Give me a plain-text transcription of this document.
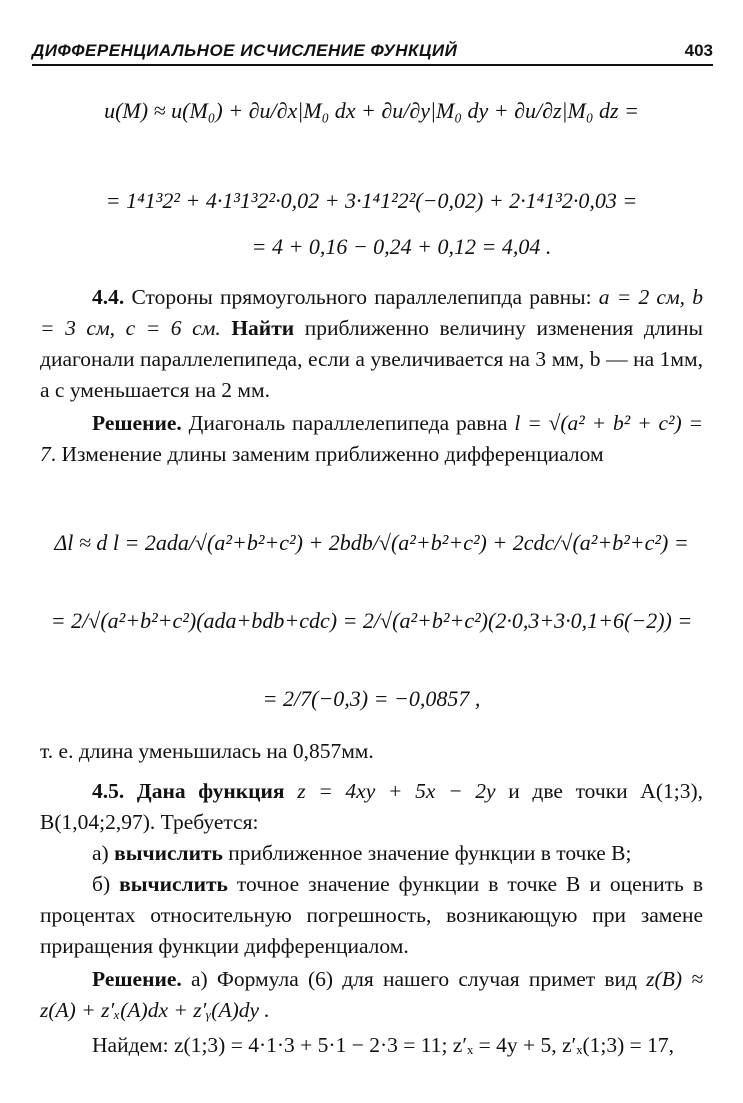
ДИФФЕРЕНЦИАЛЬНОЕ ИСЧИСЛЕНИЕ ФУНКЦИЙ	403
u(M) ≈ u(M₀) + ∂u/∂x|M₀ dx + ∂u/∂y|M₀ dy + ∂u/∂z|M₀ dz =
= 1⁴1³2² + 4·1³1³2²·0,02 + 3·1⁴1²2²(−0,02) + 2·1⁴1³2·0,03 =
= 4 + 0,16 − 0,24 + 0,12 = 4,04 .
4.4. Стороны прямоугольного параллелепипда равны: a = 2 см, b = 3 см, c = 6 см. Найти приближенно величину изменения длины диагонали параллелепипеда, если a увеличивается на 3 мм, b — на 1мм, а c уменьшается на 2 мм.
Решение. Диагональ параллелепипеда равна l = √(a² + b² + c²) = 7. Изменение длины заменим приближенно дифференциалом
Δl ≈ d l = 2ada/√(a²+b²+c²) + 2bdb/√(a²+b²+c²) + 2cdc/√(a²+b²+c²) =
= 2/√(a²+b²+c²)(ada+bdb+cdc) = 2/√(a²+b²+c²)(2·0,3+3·0,1+6(−2)) =
= 2/7(−0,3) = −0,0857 ,
т. е. длина уменьшилась на 0,857мм.
4.5. Дана функция z = 4xy + 5x − 2y и две точки A(1;3), B(1,04;2,97). Требуется:
а) вычислить приближенное значение функции в точке B;
б) вычислить точное значение функции в точке B и оценить в процентах относительную погрешность, возникающую при замене приращения функции дифференциалом.
Решение. а) Формула (6) для нашего случая примет вид z(B) ≈ z(A) + z′ₓ(A)dx + z′ᵧ(A)dy .
Найдем: z(1;3) = 4·1·3 + 5·1 − 2·3 = 11; z′ₓ = 4y + 5, z′ₓ(1;3) = 17,
